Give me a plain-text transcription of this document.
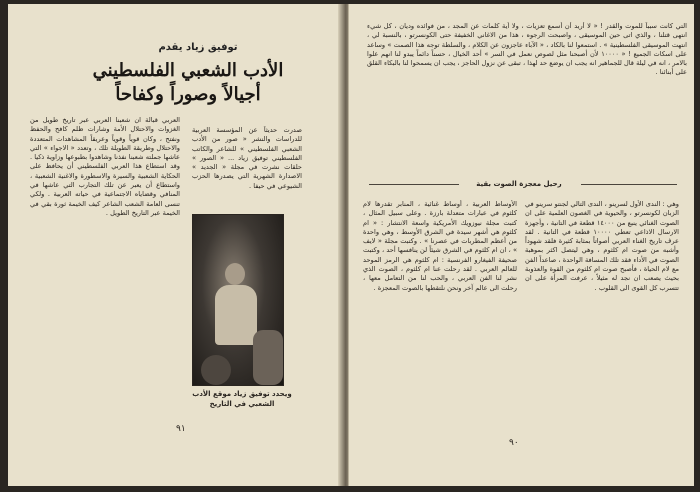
توفيق زياد يقدم
الأدب الشعبي الفلسطيني
أجيالاً وصوراً وكفاحاً
صدرت حديثاً عن المؤسسة العربية للدراسات والنشر « صور من الأدب الشعبي الفلسطيني » للشاعر والكاتب الفلسطيني توفيق زياد ... « الصور » حلقات نشرت في مجلة « الجديد » الاصدارة الشهرية التي يصدرها الحزب الشيوعي في حيفا .
العربي قبالة ان شعبنا العربي عبر تاريخ طويل من الغزوات والاحتلال الأمة وشارات ظلم كافح والحفظ ونفتح ، وكان قوياً وقوياً وعريقاً المشاهدات المتعددة والاحتلال وطريقة الطويلة تلك ، وتعدد « الاجواء » التي عاشها جملته شعبنا نفذنا وشاهدوا بطبوعها وزاوية ذكيا . وقد استطاع هذا العربي الفلسطيني أن يحافظ على الحكاية الشعبية والسيرة والاسطورة والاغنية الشعبية ، واستطاع أن يعبر عن تلك التجارب التي عاشها في المنافي وقضاياه الاجتماعية في حياته العربية . ولكي تنسى العامة الشعب الشاعر كيف الخيمة ثورة بقي في الخيمة عبر التاريخ الطويل .
ويحدد توفيق زياد موقع الأدب الشعبي في التاريخ
٩١
التي كانت سبباً للموت والقدر ! « لا أريد أن أسمع تعزيات ، ولا أية كلمات عن المجد ، من فوائده وديان ، كل شيء انتهى قتلنا ، والذي اتى حين الموسيقى ، واصبحت الرجوه ، هذا من الاغاني الخفيفة حتى الكونسرتو ، بالنسبة لي ، انتهت الموسيقى الفلسطينية » . استمعوا لنا بالكاد ، « الآباء عاجزون عن الكلام ، والسلطة توجه هذا الصمت » وساعد على اسكات الجميع ! « ١٠٠٠٠ لأن أصبحنا مثل لصوص نعمل في السر » أحد الخيال ، حسناً دائماً يبدو لنا انهم علوا بالامر ، انه في ليلة قال للجماهير انه يجب ان يوضع حد لهذا ، تبقى عن نزول الحاجز ، يجب ان يسمحوا لنا بالبكاء القلق على أبنائنا .
رحيل معجزة الصوت بقية
وهي : الندى الأول لسرينو ، الندى التالي لجنتو سرينو في الزبان لكونسرتو ، والحيوية في الغصون العلمية على ان الصوت الغنائي ينبع من ١٤٠٠٠ قطعة في التانية ، وأجهزة الارسال الاذاعي تعطي ١٠٠٠٠ قطعة في التانية . لقد عرف تاريخ الغناء العربي أصواتاً بمثابة كثيرة فلقد شهوداً وأشبه من صوت ام كلثوم ، وهي ليتصل اكثر بموهبة الصوت في الأداء فقد تلك المسافة الواحدة ، صاعداً الفن مع لام الحياة ، فأصبح صوت ام كلثوم من القوة والعذوبة بحيث يصعب ان نجد له مثيلاً ، عرفت المرأة على ان تتسرب كل القوى الى القلوب .
الأوساط العربية ، أوساط غنائية ، المنابر تقدرها لام كلثوم في عبارات متعدلة بارزة . وعلى سبيل المثال ، كتبت مجلة نيوزويك الأمريكية واسعة الانتشار : « ام كلثوم هي أشهر سيدة في الشرق الأوسط ، وهي واحدة من أعظم المطربات في عصرنا » . وكتبت مجلة « لايف » ، ان ام كلثوم في الشرق شيئاً لن ينافسها أحد ، وكتبت صحيفة الفيغارو الفرنسية : ام كلثوم هي الرمز الموحد للعالم العربي . لقد رحلت عنا ام كلثوم ، الصوت الذي نشر لنا الفن العربي ، والحب لنا من التعامل معها ، رحلت الى عالم آخر ونحن نلتقطها بالصوت المعجزة .
٩٠
